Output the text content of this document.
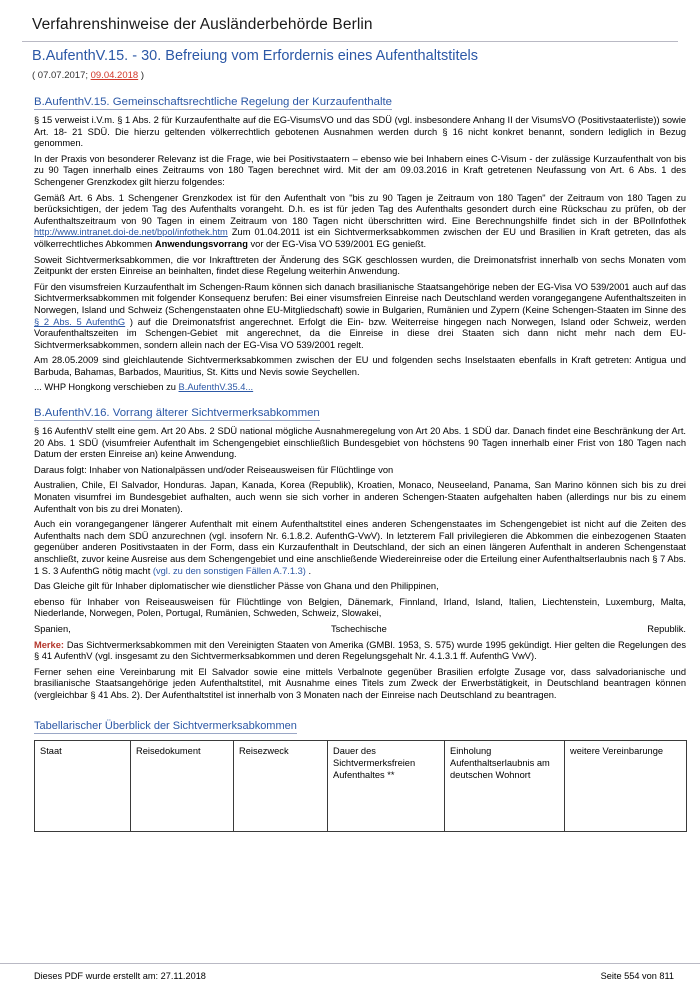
Verfahrenshinweise der Ausländerbehörde Berlin
B.AufenthV.15. - 30. Befreiung vom Erfordernis eines Aufenthaltstitels
( 07.07.2017; 09.04.2018 )
B.AufenthV.15. Gemeinschaftsrechtliche Regelung der Kurzaufenthalte

§ 15 verweist i.V.m. § 1 Abs. 2 für Kurzaufenthalte auf die EG-VisumsVO und das SDÜ (vgl. insbesondere Anhang II der VisumsVO (Positivstaaterliste)) sowie Art. 18- 21 SDÜ. Die hierzu geltenden völkerrechtlich gebotenen Ausnahmen werden durch § 16 nicht konkret benannt, sondern lediglich in Bezug genommen.

In der Praxis von besonderer Relevanz ist die Frage, wie bei Positivstaatern – ebenso wie bei Inhabern eines C-Visum - der zulässige Kurzaufenthalt von bis zu 90 Tagen innerhalb eines Zeitraums von 180 Tagen berechnet wird. Mit der am 09.03.2016 in Kraft getretenen Neufassung von Art. 6 Abs. 1 des Schengener Grenzkodex gilt hierzu folgendes:

Gemäß Art. 6 Abs. 1 Schengener Grenzkodex ist für den Aufenthalt von "bis zu 90 Tagen je Zeitraum von 180 Tagen" der Zeitraum von 180 Tagen zu berücksichtigen, der jedem Tag des Aufenthalts vorangeht. D.h. es ist für jeden Tag des Aufenthalts gesondert durch eine Rückschau zu prüfen, ob der Aufenthaltszeitraum von 90 Tagen in einem Zeitraum von 180 Tagen nicht überschritten wird. Eine Berechnungshilfe findet sich in der BPolInfothek http://www.intranet.doi-de.net/bpol/infothek.htm Zum 01.04.2011 ist ein Sichtvermerksabkommen zwischen der EU und Brasilien in Kraft getreten, das als völkerrechtliches Abkommen Anwendungsvorrang vor der EG-Visa VO 539/2001 EG genießt.

Soweit Sichtvermerksabkommen, die vor Inkrafttreten der Änderung des SGK geschlossen wurden, die Dreimonatsfrist innerhalb von sechs Monaten vom Zeitpunkt der ersten Einreise an beinhalten, findet diese Regelung weiterhin Anwendung.

Für den visumsfreien Kurzaufenthalt im Schengen-Raum können sich danach brasilianische Staatsangehörige neben der EG-Visa VO 539/2001 auch auf das Sichtvermerksabkommen mit folgender Konsequenz berufen: Bei einer visumsfreien Einreise nach Deutschland werden vorangegangene Aufenthaltszeiten in Norwegen, Island und Schweiz (Schengenstaaten ohne EU-Mitgliedschaft) sowie in Bulgarien, Rumänien und Zypern (Keine Schengen-Staaten im Sinne des § 2 Abs. 5 AufenthG ) auf die Dreimonatsfrist angerechnet. Erfolgt die Ein- bzw. Weiterreise hingegen nach Norwegen, Island oder Schweiz, werden Voraufenthaltszeiten im Schengen-Gebiet mit angerechnet, da die Einreise in diese drei Staaten sich dann nicht mehr nach dem EU-Sichtvermerksabkommen, sondern allein nach der EG-Visa VO 539/2001 regelt.

Am 28.05.2009 sind gleichlautende Sichtvermerksabkommen zwischen der EU und folgenden sechs Inselstaaten ebenfalls in Kraft getreten: Antigua und Barbuda, Bahamas, Barbados, Mauritius, St. Kitts und Nevis sowie Seychellen.

... WHP Hongkong verschieben zu B.AufenthV.35.4...

B.AufenthV.16. Vorrang älterer Sichtvermerksabkommen

§ 16 AufenthV stellt eine gem. Art 20 Abs. 2 SDÜ national mögliche Ausnahmeregelung von Art 20 Abs. 1 SDÜ dar. Danach findet eine Beschränkung der Art. 20 Abs. 1 SDÜ (visumfreier Aufenthalt im Schengengebiet einschließlich Bundesgebiet von höchstens 90 Tagen innerhalb einer Frist von 180 Tagen nach Datum der ersten Einreise an) keine Anwendung.

Daraus folgt: Inhaber von Nationalpässen und/oder Reiseausweisen für Flüchtlinge von

Australien, Chile, El Salvador, Honduras. Japan, Kanada, Korea (Republik), Kroatien, Monaco, Neuseeland, Panama, San Marino können sich bis zu drei Monaten visumfrei im Bundesgebiet aufhalten, auch wenn sie sich vorher in anderen Schengen-Staaten aufgehalten haben (allerdings nur bis zu einem Aufenthalt von bis zu drei Monaten).

Auch ein vorangegangener längerer Aufenthalt mit einem Aufenthaltstitel eines anderen Schengenstaates im Schengengebiet ist nicht auf die Zeiten des Aufenthalts nach dem SDÜ anzurechnen (vgl. insofern Nr. 6.1.8.2. AufenthG-VwV). In letzterem Fall privilegieren die Abkommen die einbezogenen Staaten gegenüber anderen Positivstaaten in der Form, dass ein Kurzaufenthalt in Deutschland, der sich an einen längeren Aufenthalt in anderen Schengenstaat anschließt, zuvor keine Ausreise aus dem Schengengebiet und eine anschließende Wiedereinreise oder die Erteilung einer Aufenthaltserlaubnis nach § 7 Abs. 1 S. 3 AufenthG nötig macht (vgl. zu den sonstigen Fällen A.7.1.3) .

Das Gleiche gilt für Inhaber diplomatischer wie dienstlicher Pässe von Ghana und den Philippinen,

ebenso für Inhaber von Reiseausweisen für Flüchtlinge von Belgien, Dänemark, Finnland, Irland, Island, Italien, Liechtenstein, Luxemburg, Malta, Niederlande, Norwegen, Polen, Portugal, Rumänien, Schweden, Schweiz, Slowakei,

Spanien, Tschechische Republik.

Merke: Das Sichtvermerksabkommen mit den Vereinigten Staaten von Amerika (GMBl. 1953, S. 575) wurde 1995 gekündigt. Hier gelten die Regelungen des § 41 AufenthV (vgl. insgesamt zu den Sichtvermerksabkommen und deren Regelungsgehalt Nr. 4.1.3.1 ff. AufenthG VwV).

Ferner sehen eine Vereinbarung mit El Salvador sowie eine mittels Verbalnote gegenüber Brasilien erfolgte Zusage vor, dass salvadorianische und brasilianische Staatsangehörige jeden Aufenthaltstitel, mit Ausnahme eines Titels zum Zweck der Erwerbstätigkeit, in Deutschland beantragen können (vergleichbar § 41 Abs. 2). Der Aufenthaltstitel ist innerhalb von 3 Monaten nach der Einreise nach Deutschland zu beantragen.

Tabellarischer Überblick der Sichtvermerksabkommen
Staat	Reisedokument	Reisezweck	Dauer des Sichtvermerksfreien Aufenthaltes **	Einholung Aufenthaltserlaubnis am deutschen Wohnort	weitere Vereinbarunge
Dieses PDF wurde erstellt am: 27.11.2018	Seite 554 von 811
